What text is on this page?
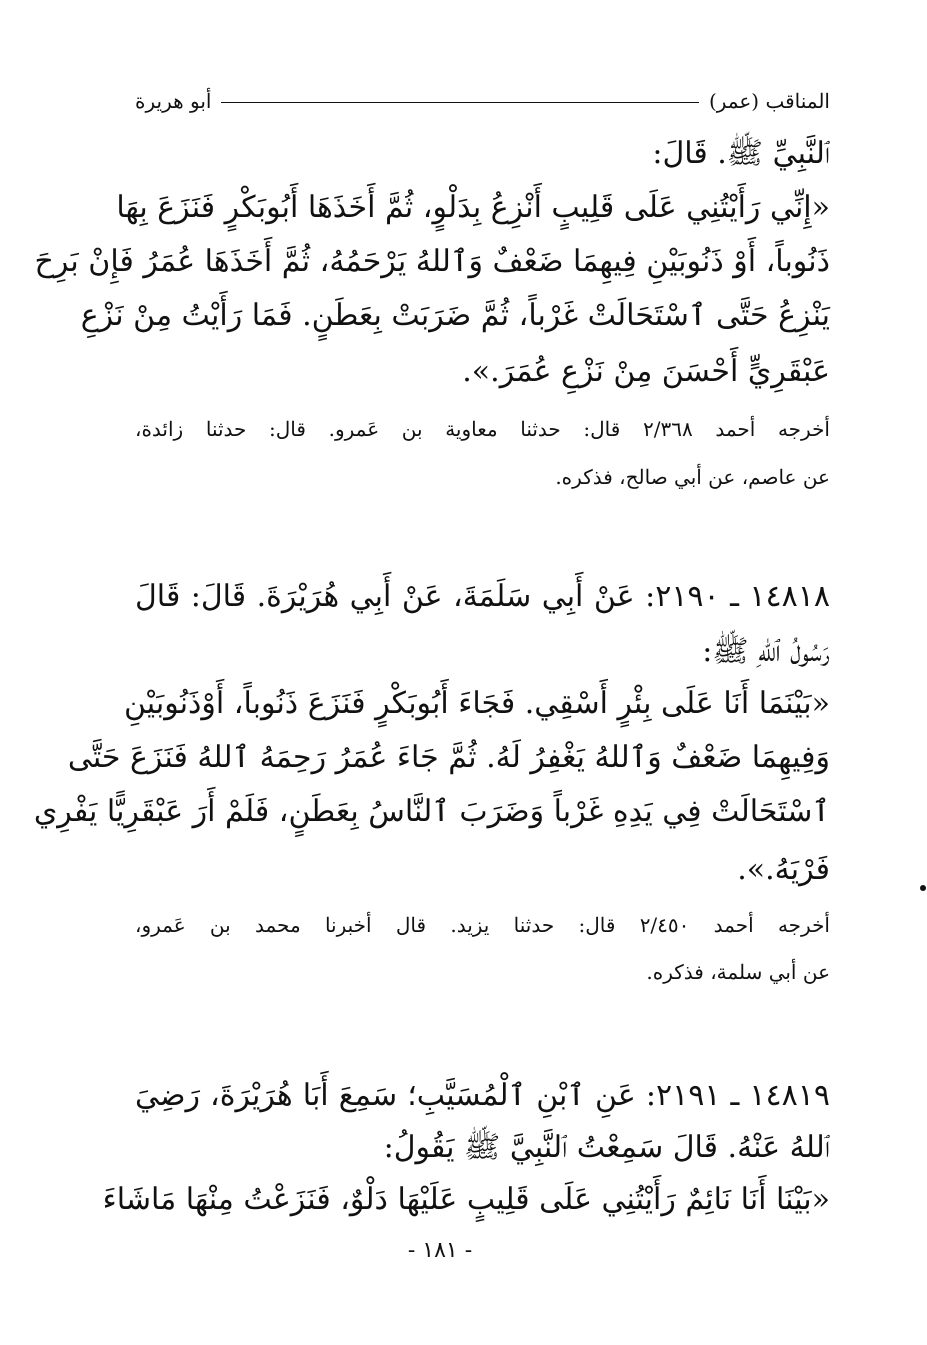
المناقب (عمر)
أبو هريرة
ٱلنَّبِيِّ ﷺ. قَالَ:
«إِنِّي رَأَيْتُنِي عَلَى قَلِيبٍ أَنْزِعُ بِدَلْوٍ، ثُمَّ أَخَذَهَا أَبُوبَكْرٍ فَنَزَعَ بِهَا
ذَنُوباً، أَوْ ذَنُوبَيْنِ فِيهِمَا ضَعْفٌ وَٱللهُ يَرْحَمُهُ، ثُمَّ أَخَذَهَا عُمَرُ فَإِنْ بَرِحَ
يَنْزِعُ حَتَّى ٱسْتَحَالَتْ غَرْباً، ثُمَّ ضَرَبَتْ بِعَطَنٍ. فَمَا رَأَيْتُ مِنْ نَزْعِ
عَبْقَرِيٍّ أَحْسَنَ مِنْ نَزْعِ عُمَرَ.».
أخرجه أحمد ٢/٣٦٨ قال: حدثنا معاوية بن عَمرو. قال: حدثنا زائدة،
عن عاصم، عن أبي صالح، فذكره.
١٤٨١٨ ـ ٢١٩٠: عَنْ أَبِي سَلَمَةَ، عَنْ أَبِي هُرَيْرَةَ. قَالَ: قَالَ
رَسُولُ ٱللهِ ﷺ:
«بَيْنَمَا أَنَا عَلَى بِئْرٍ أَسْقِي. فَجَاءَ أَبُوبَكْرٍ فَنَزَعَ ذَنُوباً، أَوْذَنُوبَيْنِ
وَفِيهِمَا ضَعْفٌ وَٱللهُ يَغْفِرُ لَهُ. ثُمَّ جَاءَ عُمَرُ رَحِمَهُ ٱللهُ فَنَزَعَ حَتَّى
ٱسْتَحَالَتْ فِي يَدِهِ غَرْباً وَضَرَبَ ٱلنَّاسُ بِعَطَنٍ، فَلَمْ أَرَ عَبْقَرِيًّا يَفْرِي
فَرْيَهُ.».
أخرجه أحمد ٢/٤٥٠ قال: حدثنا يزيد. قال أخبرنا محمد بن عَمرو،
عن أبي سلمة، فذكره.
١٤٨١٩ ـ ٢١٩١: عَنِ ٱبْنِ ٱلْمُسَيَّبِ؛ سَمِعَ أَبَا هُرَيْرَةَ، رَضِيَ
ٱللهُ عَنْهُ. قَالَ سَمِعْتُ ٱلنَّبِيَّ ﷺ يَقُولُ:
«بَيْنَا أَنَا نَائِمٌ رَأَيْتُنِي عَلَى قَلِيبٍ عَلَيْهَا دَلْوٌ، فَنَزَعْتُ مِنْهَا مَاشَاءَ
- ١٨١ -
